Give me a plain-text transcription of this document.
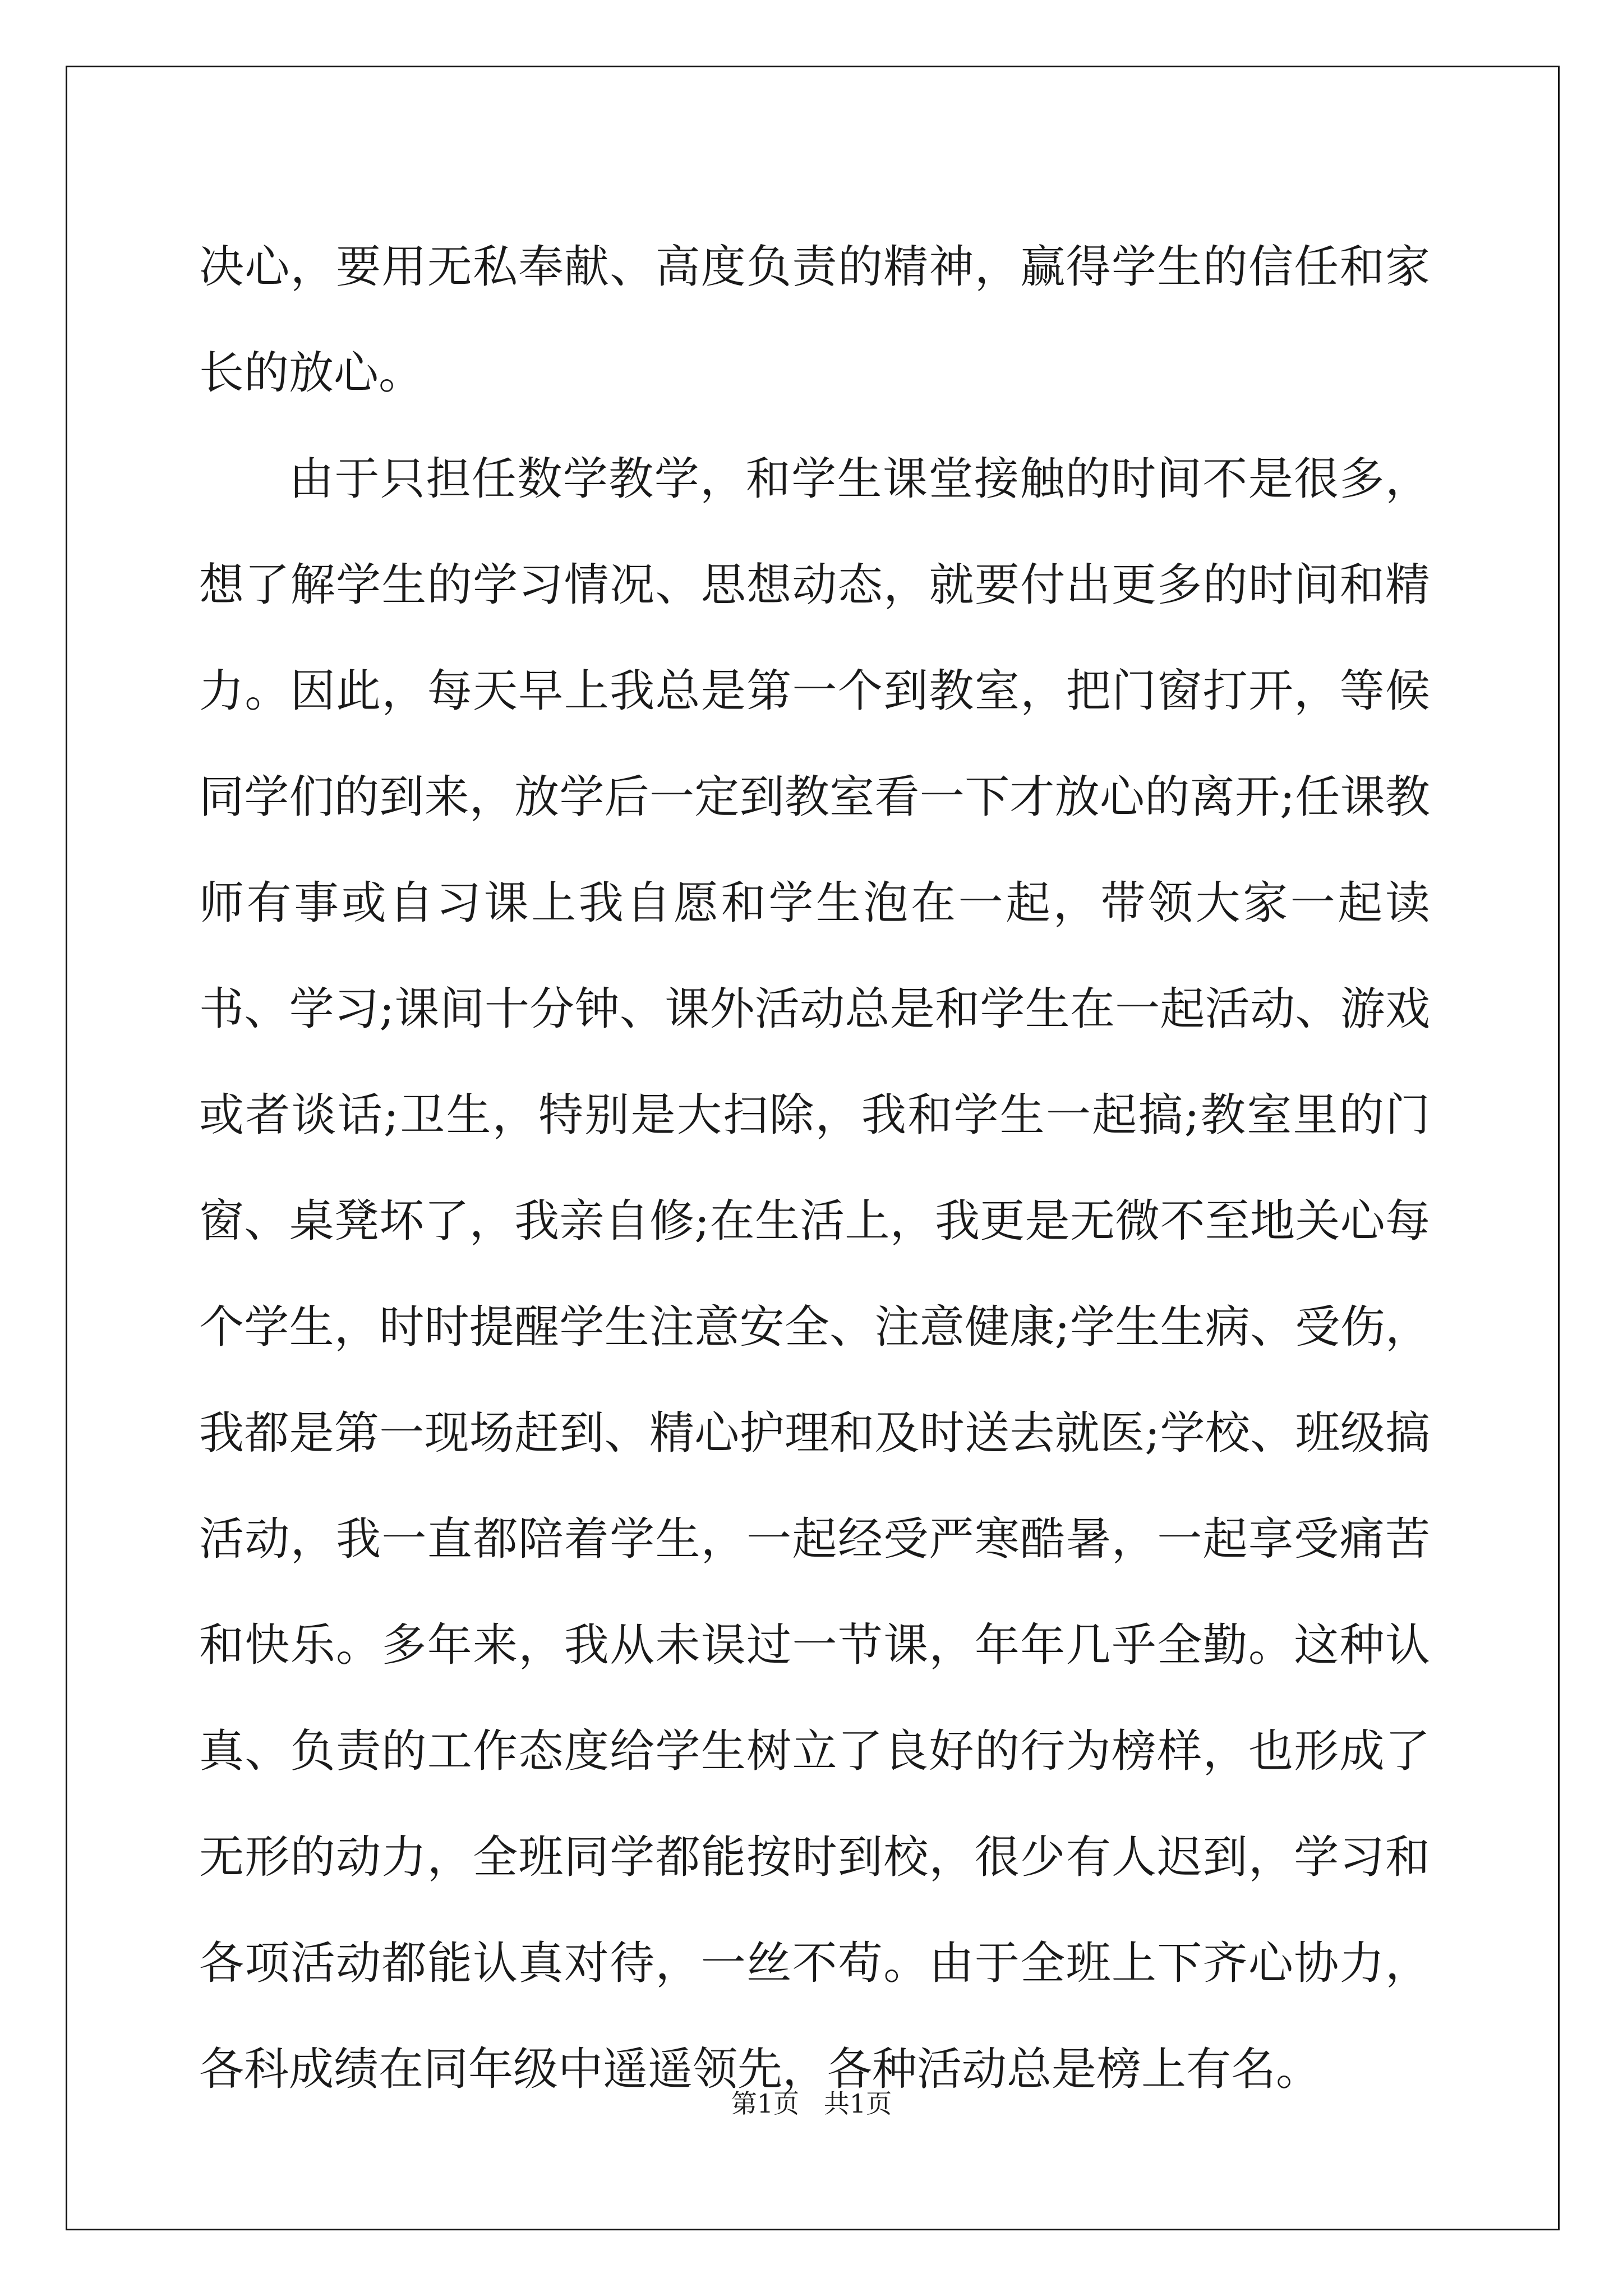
决心，要用无私奉献、高度负责的精神，赢得学生的信任和家长的放心。

由于只担任数学教学，和学生课堂接触的时间不是很多，想了解学生的学习情况、思想动态，就要付出更多的时间和精力。因此，每天早上我总是第一个到教室，把门窗打开，等候同学们的到来，放学后一定到教室看一下才放心的离开;任课教师有事或自习课上我自愿和学生泡在一起，带领大家一起读书、学习;课间十分钟、课外活动总是和学生在一起活动、游戏或者谈话;卫生，特别是大扫除，我和学生一起搞;教室里的门窗、桌凳坏了，我亲自修;在生活上，我更是无微不至地关心每个学生，时时提醒学生注意安全、注意健康;学生生病、受伤，我都是第一现场赶到、精心护理和及时送去就医;学校、班级搞活动，我一直都陪着学生，一起经受严寒酷暑，一起享受痛苦和快乐。多年来，我从未误过一节课，年年几乎全勤。这种认真、负责的工作态度给学生树立了良好的行为榜样，也形成了无形的动力，全班同学都能按时到校，很少有人迟到，学习和各项活动都能认真对待，一丝不苟。由于全班上下齐心协力，各科成绩在同年级中遥遥领先，各种活动总是榜上有名。

第1页   共1页
